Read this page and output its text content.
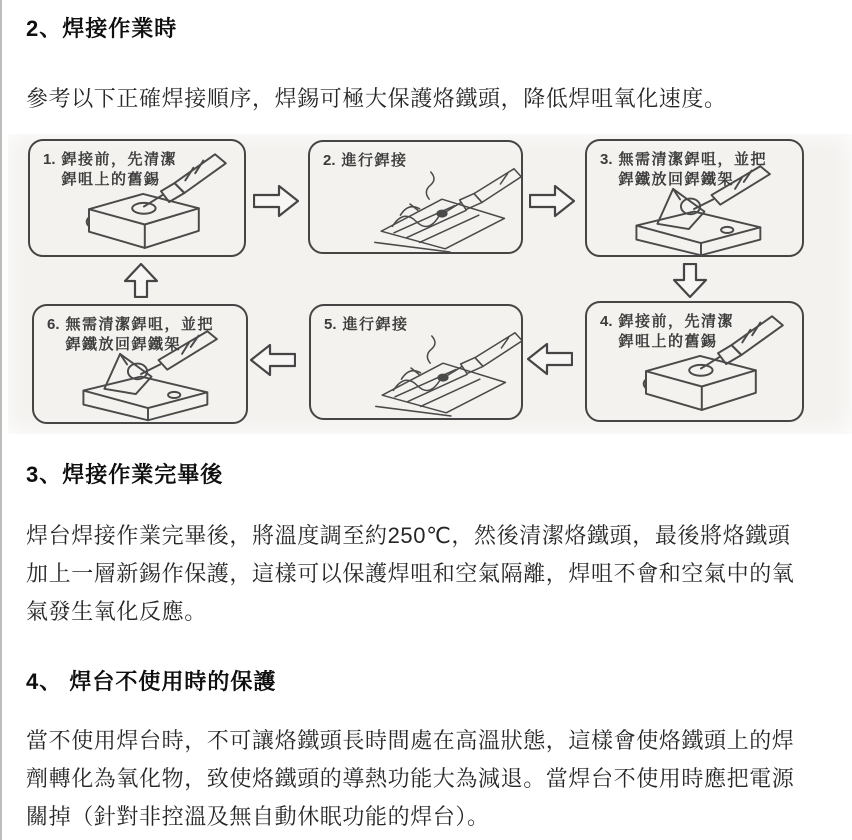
2、焊接作業時
參考以下正確焊接順序，焊錫可極大保護烙鐵頭，降低焊咀氧化速度。
1. 銲接前，先清潔
銲咀上的舊錫
2. 進行銲接	3. 無需清潔銲咀，並把
銲鐵放回銲鐵架
6. 無需清潔銲咀，並把
銲鐵放回銲鐵架
5. 進行銲接	4. 銲接前，先清潔
銲咀上的舊錫
3、焊接作業完畢後
焊台焊接作業完畢後，將溫度調至約250℃，然後清潔烙鐵頭，最後將烙鐵頭
加上一層新錫作保護，這樣可以保護焊咀和空氣隔離，焊咀不會和空氣中的氧
氣發生氧化反應。
4、 焊台不使用時的保護
當不使用焊台時，不可讓烙鐵頭長時間處在高溫狀態，這樣會使烙鐵頭上的焊
劑轉化為氧化物，致使烙鐵頭的導熱功能大為減退。當焊台不使用時應把電源
關掉（針對非控溫及無自動休眠功能的焊台）。
